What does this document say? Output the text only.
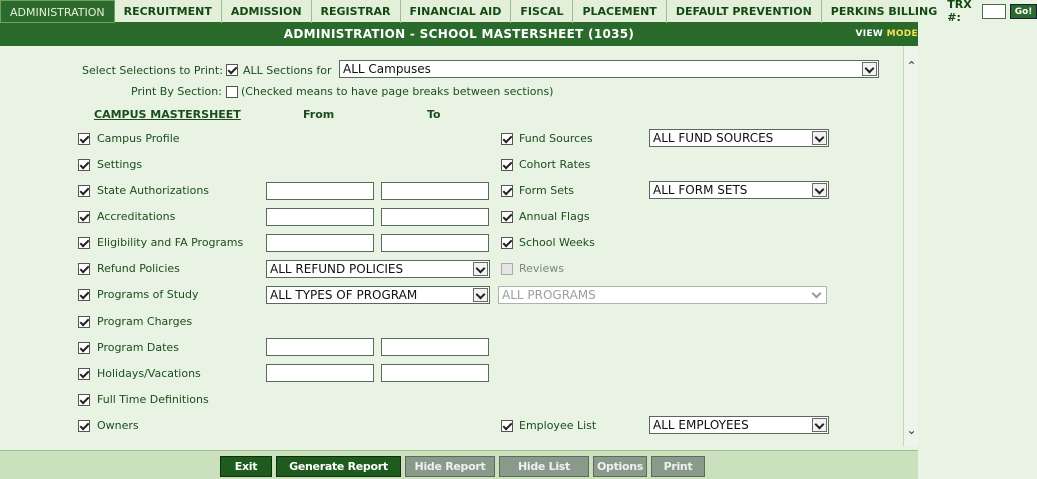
ADMINISTRATION	RECRUITMENT	ADMISSION	REGISTRAR	FINANCIAL AID	FISCAL	PLACEMENT	DEFAULT PREVENTION	PERKINS BILLING TRX #:	Go!
ADMINISTRATION - SCHOOL MASTERSHEET (1035)	VIEW MODE
Select Selections to Print: ALL Sections for ALL Campuses
Print By Section: (Checked means to have page breaks between sections)
CAMPUS MASTERSHEET	From	To
Campus Profile
Settings
State Authorizations
Accreditations
Eligibility and FA Programs
Refund Policies	ALL REFUND POLICIES
Programs of Study	ALL TYPES OF PROGRAM	ALL PROGRAMS
Program Charges
Program Dates
Holidays/Vacations
Full Time Definitions
Owners
Fund Sources	ALL FUND SOURCES
Cohort Rates
Form Sets	ALL FORM SETS
Annual Flags
School Weeks
Reviews
Employee List	ALL EMPLOYEES
⌃
⌄
Exit	Generate Report	Hide Report	Hide List	Options	Print
